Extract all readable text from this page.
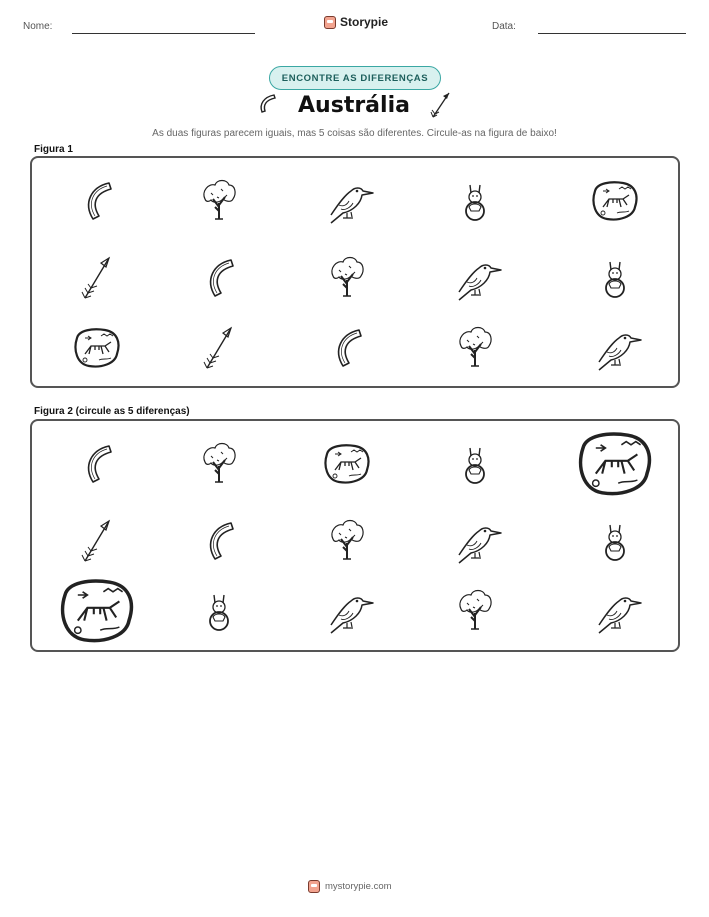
Nome:	Storypie	Data:
ENCONTRE AS DIFERENÇAS
Austrália
As duas figuras parecem iguais, mas 5 coisas são diferentes. Circule-as na figura de baixo!
Figura 1
Figura 2 (circule as 5 diferenças)
mystorypie.com
